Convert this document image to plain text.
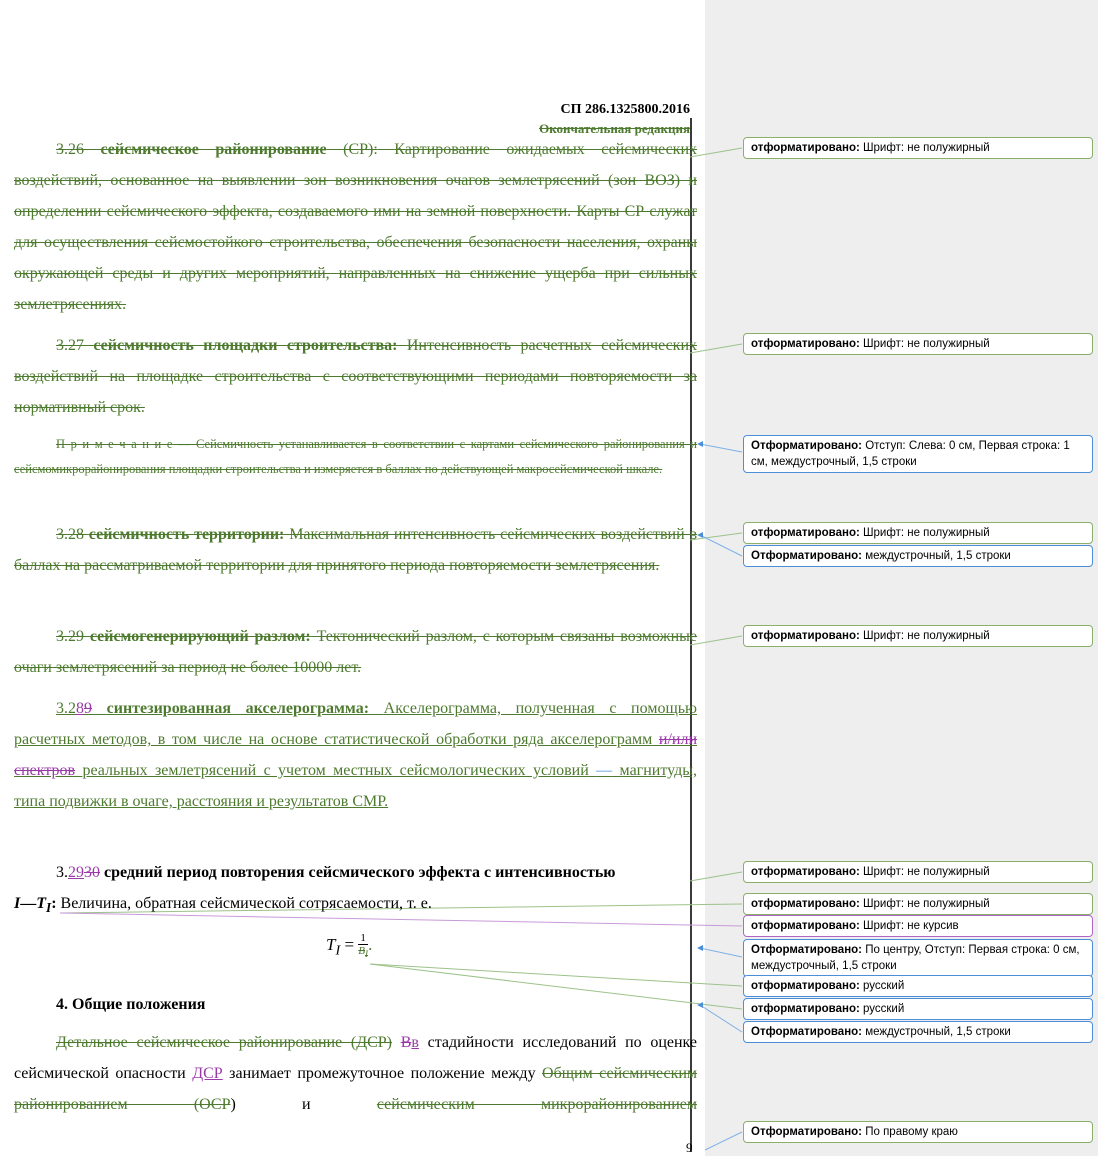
СП 286.1325800.2016
Окончательная редакция

3.26 сейсмическое районирование (СР): Картирование ожидаемых сейсмических воздействий, основанное на выявлении зон возникновения очагов землетрясений (зон ВОЗ) и определении сейсмического эффекта, создаваемого ими на земной поверхности. Карты СР служат для осуществления сейсмостойкого строительства, обеспечения безопасности населения, охраны окружающей среды и других мероприятий, направленных на снижение ущерба при сильных землетрясениях.

3.27 сейсмичность площадки строительства: Интенсивность расчетных сейсмических воздействий на площадке строительства с соответствующими периодами повторяемости за нормативный срок.

П р и м е ч а н и е — Сейсмичность устанавливается в соответствии с картами сейсмического районирования и сейсмомикрорайонирования площадки строительства и измеряется в баллах по действующей макросейсмической шкале.

3.28 сейсмичность территории: Максимальная интенсивность сейсмических воздействий в баллах на рассматриваемой территории для принятого периода повторяемости землетрясения.

3.29 сейсмогенерирующий разлом: Тектонический разлом, с которым связаны возможные очаги землетрясений за период не более 10000 лет.

3.289 синтезированная акселерограмма: Акселерограмма, полученная с помощью расчетных методов, в том числе на основе статистической обработки ряда акселерограмм и/или спектров реальных землетрясений с учетом местных сейсмологических условий — магнитуды, типа подвижки в очаге, расстояния и результатов СМР.

3.2930 средний период повторения сейсмического эффекта с интенсивностью
$I—T_I$: Величина, обратная сейсмической сотрясаемости, т. е.

$T_I = \frac{1}{B_I}$ .
4. Общие положения

Детальное сейсмическое районирование (ДСР) Вв стадийности исследований по оценке сейсмической опасности ДСР занимает промежуточное положение между Общим сейсмическим районированием (ОСР) и	сейсмическим микрорайонированием

9
отформатировано: Шрифт: не полужирный
отформатировано: Шрифт: не полужирный
Отформатировано: Отступ: Слева: 0 см, Первая строка: 1 см, междустрочный, 1,5 строки
отформатировано: Шрифт: не полужирный
Отформатировано: междустрочный, 1,5 строки
отформатировано: Шрифт: не полужирный
отформатировано: Шрифт: не полужирный
отформатировано: Шрифт: не полужирный
отформатировано: Шрифт: не курсив
Отформатировано: По центру, Отступ: Первая строка: 0 см, междустрочный, 1,5 строки
отформатировано: русский
отформатировано: русский
Отформатировано: междустрочный, 1,5 строки
Отформатировано: По правому краю
